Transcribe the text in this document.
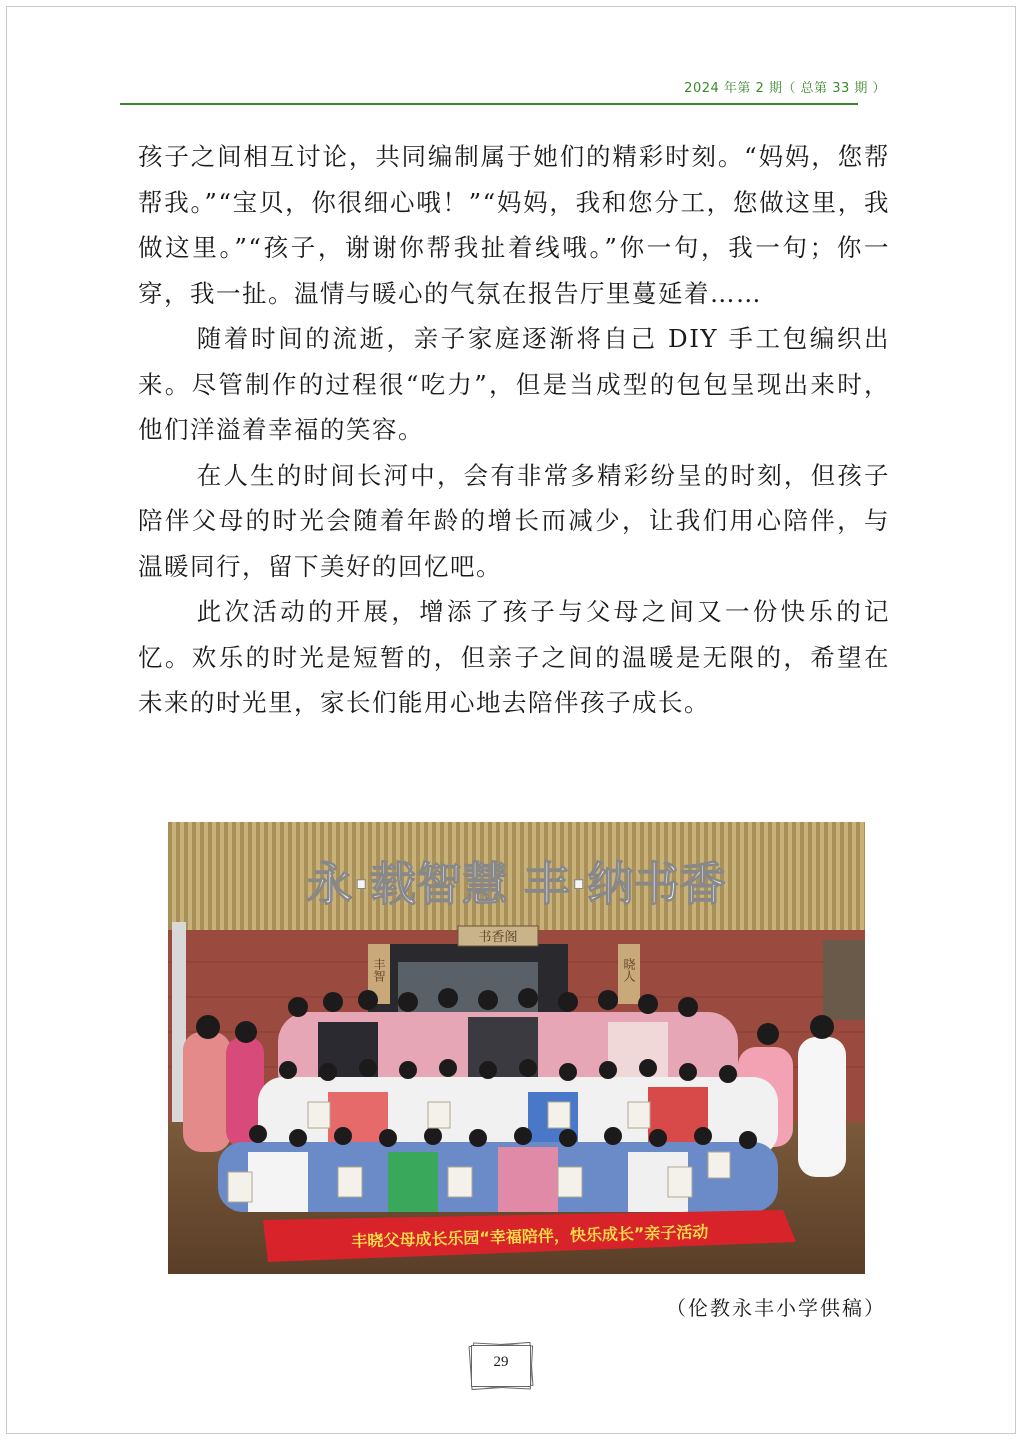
2024 年第 2 期（ 总第 33 期 ）

孩子之间相互讨论，共同编制属于她们的精彩时刻。“妈妈，您帮帮我。”“宝贝，你很细心哦！”“妈妈，我和您分工，您做这里，我做这里。”“孩子，谢谢你帮我扯着线哦。”你一句，我一句；你一穿，我一扯。温情与暖心的气氛在报告厅里蔓延着……

随着时间的流逝，亲子家庭逐渐将自己 DIY 手工包编织出来。尽管制作的过程很“吃力”，但是当成型的包包呈现出来时，他们洋溢着幸福的笑容。

在人生的时间长河中，会有非常多精彩纷呈的时刻，但孩子陪伴父母的时光会随着年龄的增长而减少，让我们用心陪伴，与温暖同行，留下美好的回忆吧。

此次活动的开展，增添了孩子与父母之间又一份快乐的记忆。欢乐的时光是短暂的，但亲子之间的温暖是无限的，希望在未来的时光里，家长们能用心地去陪伴孩子成长。

永·载智慧 丰·纳书香
书香阁
丰智	晓人
丰晓父母成长乐园“幸福陪伴，快乐成长”亲子活动
（伦教永丰小学供稿）
29
